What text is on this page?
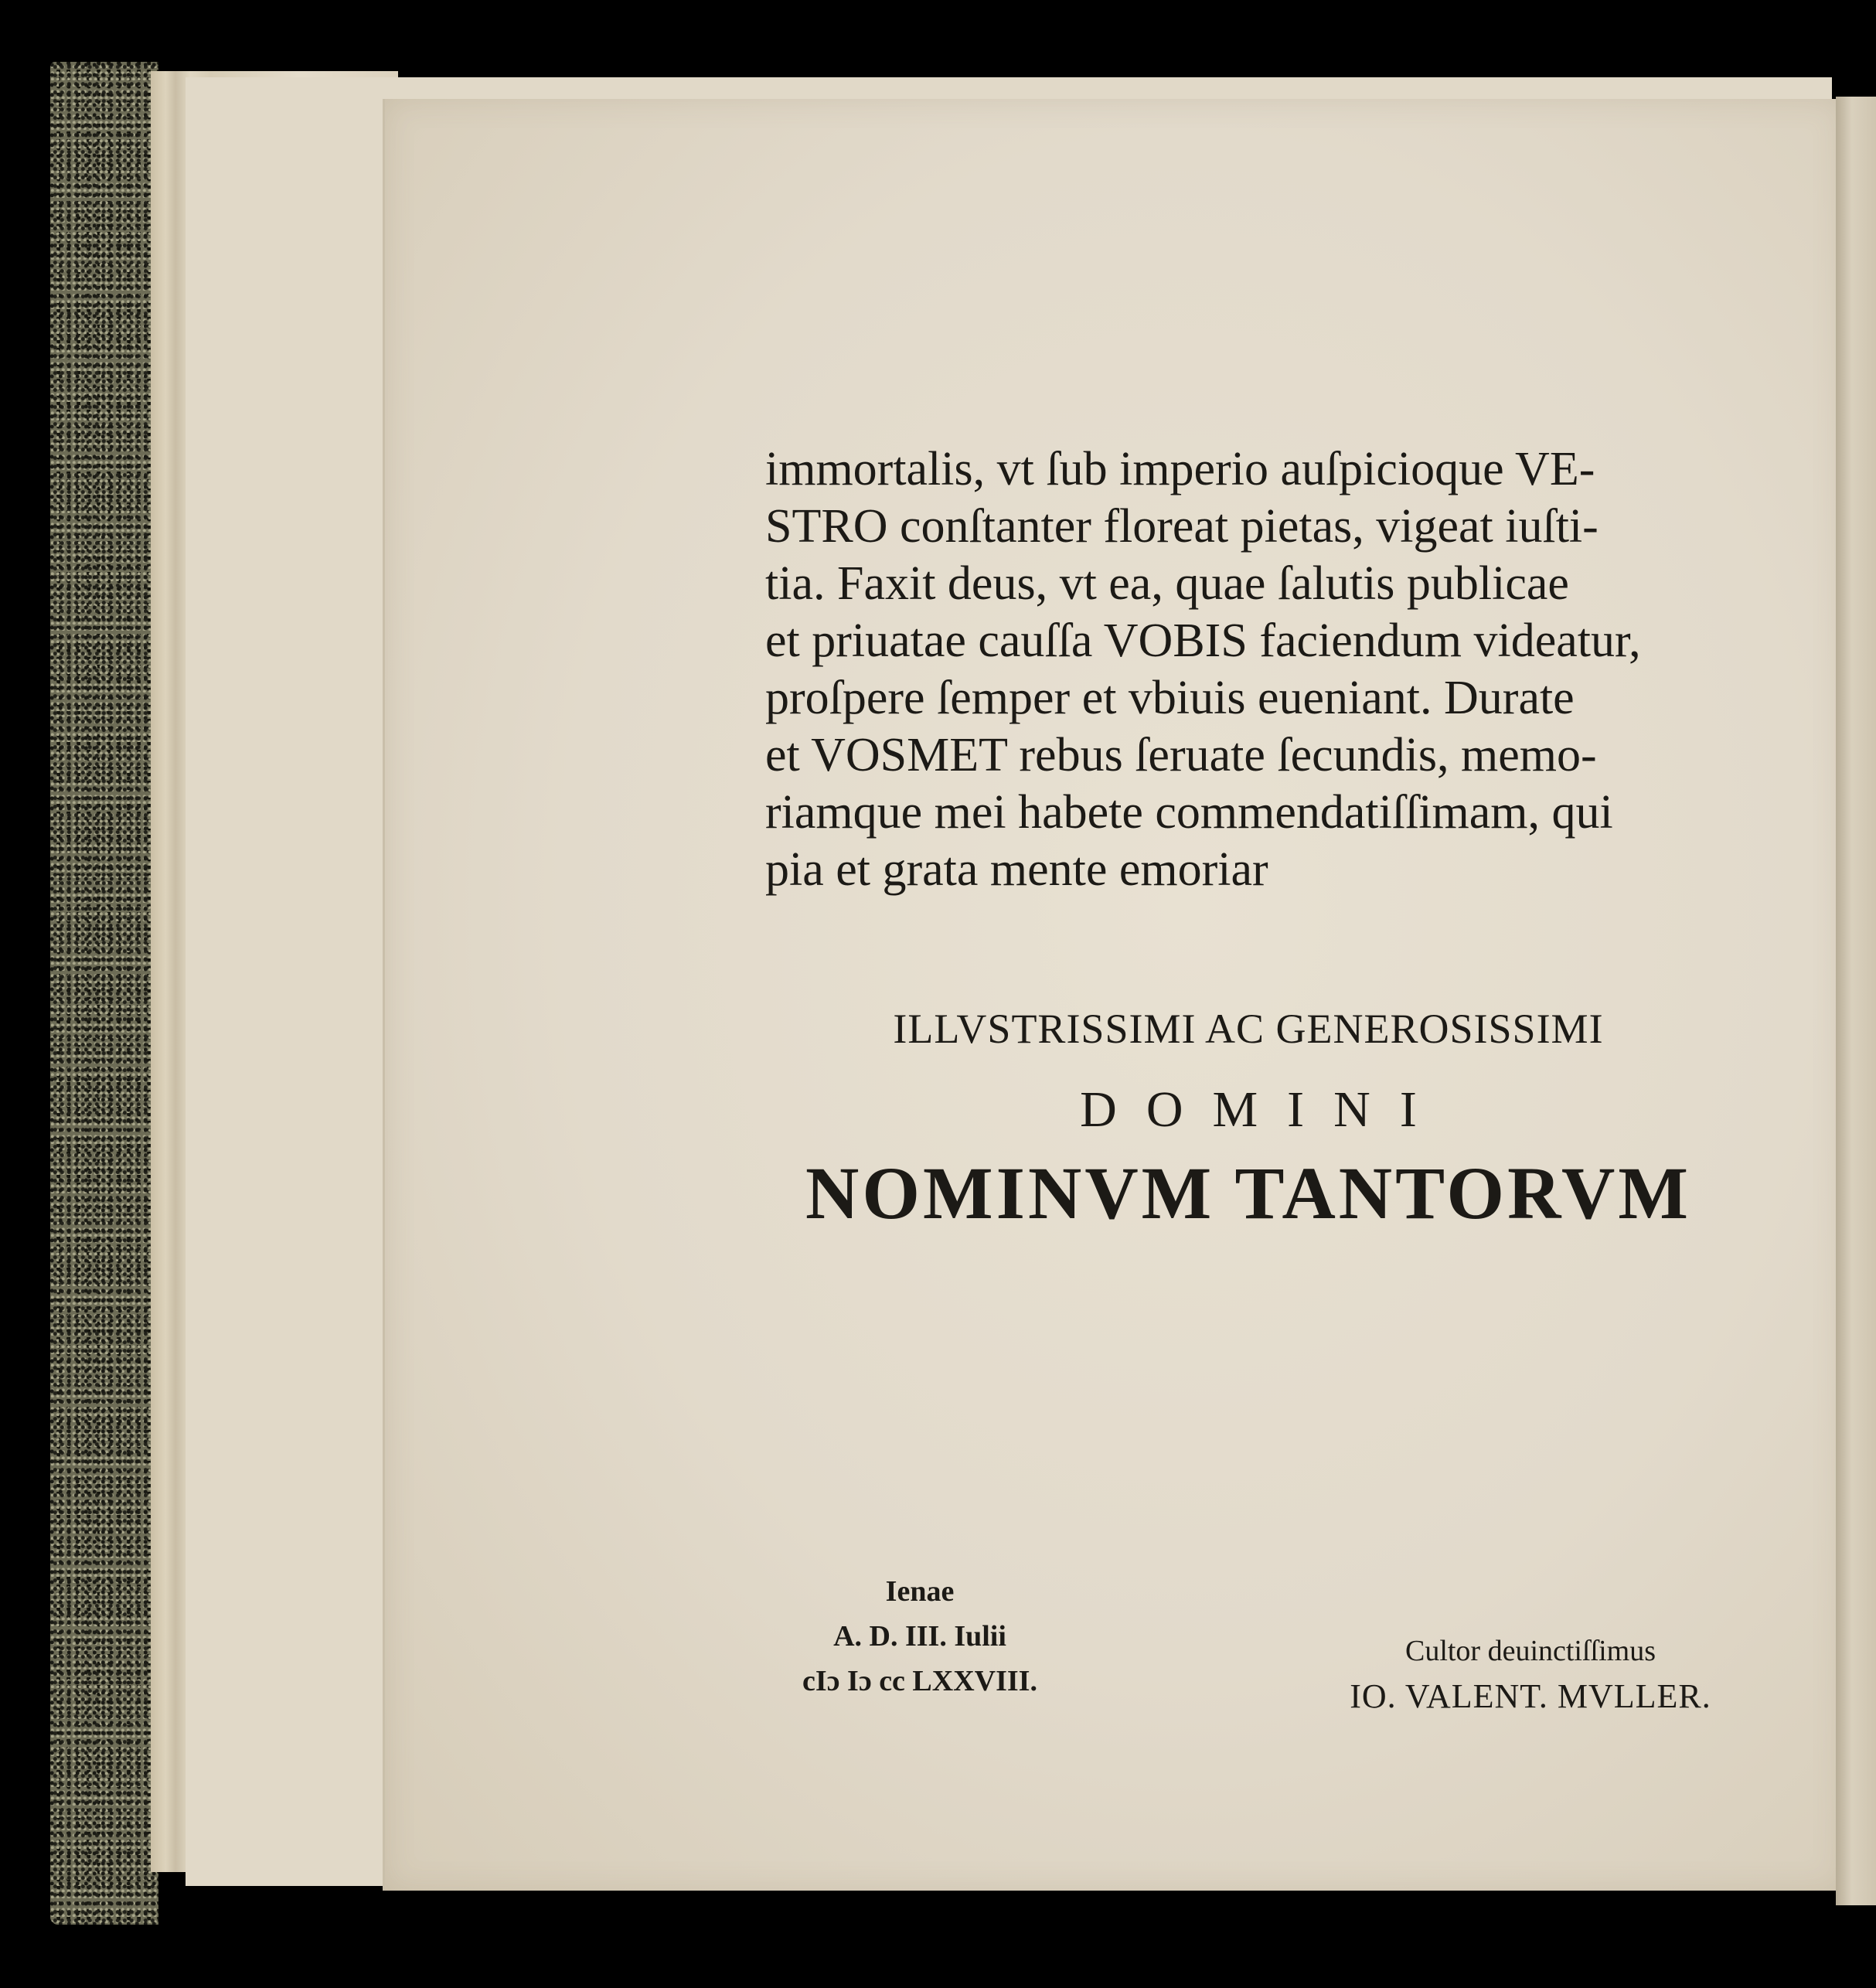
immortalis, vt ſub imperio auſpicioque VE-
STRO conſtanter floreat pietas, vigeat iuſti-
tia. Faxit deus, vt ea, quae ſalutis publicae
et priuatae cauſſa VOBIS faciendum videatur,
proſpere ſemper et vbiuis eueniant. Durate
et VOSMET rebus ſeruate ſecundis, memo-
riamque mei habete commendatiſſimam, qui
pia et grata mente emoriar
ILLVSTRISSIMI AC GENEROSISSIMI
DOMINI
NOMINVM TANTORVM
Ienae
A. D. III. Iulii
cIɔ Iɔ cc LXXVIII.
Cultor deuinctiſſimus
IO. VALENT. MVLLER.
